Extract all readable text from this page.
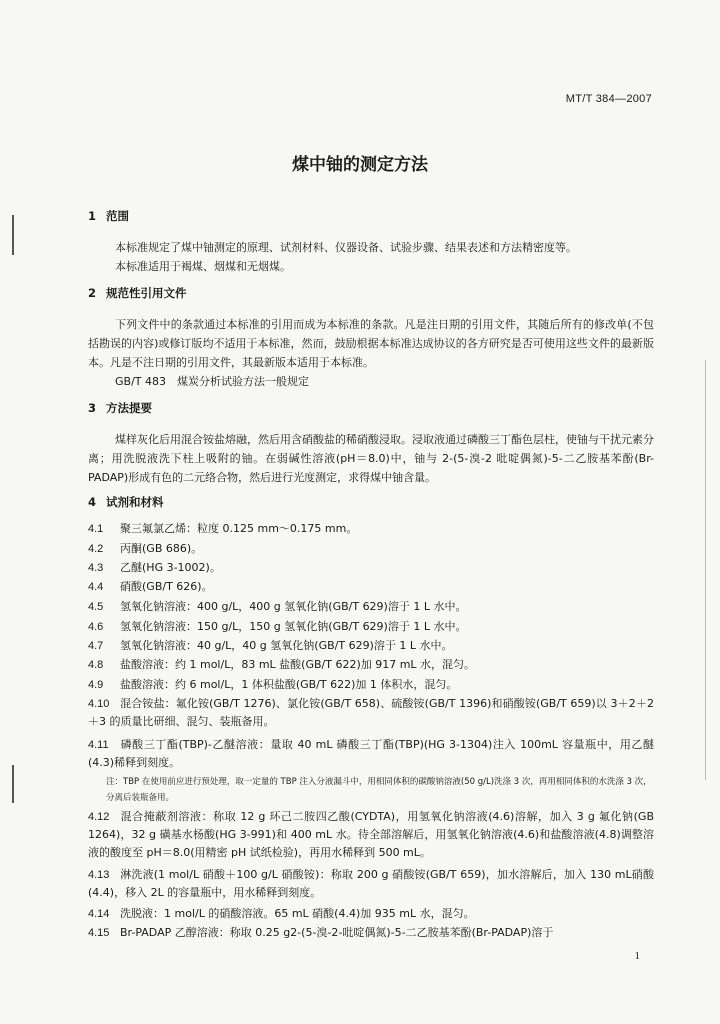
MT/T 384—2007
煤中铀的测定方法
1 范围
本标准规定了煤中铀测定的原理、试剂材料、仪器设备、试验步骤、结果表述和方法精密度等。
本标准适用于褐煤、烟煤和无烟煤。
2 规范性引用文件
下列文件中的条款通过本标准的引用而成为本标准的条款。凡是注日期的引用文件，其随后所有的修改单(不包括勘误的内容)或修订版均不适用于本标准，然而，鼓励根据本标准达成协议的各方研究是否可使用这些文件的最新版本。凡是不注日期的引用文件，其最新版本适用于本标准。
GB/T 483　煤炭分析试验方法一般规定
3 方法提要
煤样灰化后用混合铵盐熔融，然后用含硝酸盐的稀硝酸浸取。浸取液通过磷酸三丁酯色层柱，使铀与干扰元素分离；用洗脱液洗下柱上吸附的铀。在弱碱性溶液(pH＝8.0)中，铀与 2-(5-溴-2 吡啶偶氮)-5-二乙胺基苯酚(Br-PADAP)形成有色的二元络合物，然后进行光度测定，求得煤中铀含量。
4 试剂和材料
4.1 聚三氟氯乙烯：粒度 0.125 mm～0.175 mm。
4.2 丙酮(GB 686)。
4.3 乙醚(HG 3-1002)。
4.4 硝酸(GB/T 626)。
4.5 氢氧化钠溶液：400 g/L，400 g 氢氧化钠(GB/T 629)溶于 1 L 水中。
4.6 氢氧化钠溶液：150 g/L，150 g 氢氧化钠(GB/T 629)溶于 1 L 水中。
4.7 氢氧化钠溶液：40 g/L，40 g 氢氧化钠(GB/T 629)溶于 1 L 水中。
4.8 盐酸溶液：约 1 mol/L，83 mL 盐酸(GB/T 622)加 917 mL 水，混匀。
4.9 盐酸溶液：约 6 mol/L，1 体积盐酸(GB/T 622)加 1 体积水，混匀。
4.10 混合铵盐：氟化铵(GB/T 1276)、氯化铵(GB/T 658)、硫酸铵(GB/T 1396)和硝酸铵(GB/T 659)以 3＋2＋2＋3 的质量比研细、混匀、装瓶备用。
4.11 磷酸三丁酯(TBP)-乙醚溶液：量取 40 mL 磷酸三丁酯(TBP)(HG 3-1304)注入 100mL 容量瓶中，用乙醚(4.3)稀释到刻度。
注：TBP 在使用前应进行预处理，取一定量的 TBP 注入分液漏斗中，用相同体积的碳酸钠溶液(50 g/L)洗涤 3 次，再用相同体积的水洗涤 3 次，分离后装瓶备用。
4.12 混合掩蔽剂溶液：称取 12 g 环己二胺四乙酸(CYDTA)，用氢氧化钠溶液(4.6)溶解，加入 3 g 氟化钠(GB 1264)，32 g 磺基水杨酸(HG 3-991)和 400 mL 水。待全部溶解后，用氢氧化钠溶液(4.6)和盐酸溶液(4.8)调整溶液的酸度至 pH＝8.0(用精密 pH 试纸检验)，再用水稀释到 500 mL。
4.13 淋洗液(1 mol/L 硝酸＋100 g/L 硝酸铵)：称取 200 g 硝酸铵(GB/T 659)，加水溶解后，加入 130 mL硝酸(4.4)，移入 2L 的容量瓶中，用水稀释到刻度。
4.14 洗脱液：1 mol/L 的硝酸溶液。65 mL 硝酸(4.4)加 935 mL 水，混匀。
4.15 Br-PADAP 乙醇溶液：称取 0.25 g2-(5-溴-2-吡啶偶氮)-5-二乙胺基苯酚(Br-PADAP)溶于
1
